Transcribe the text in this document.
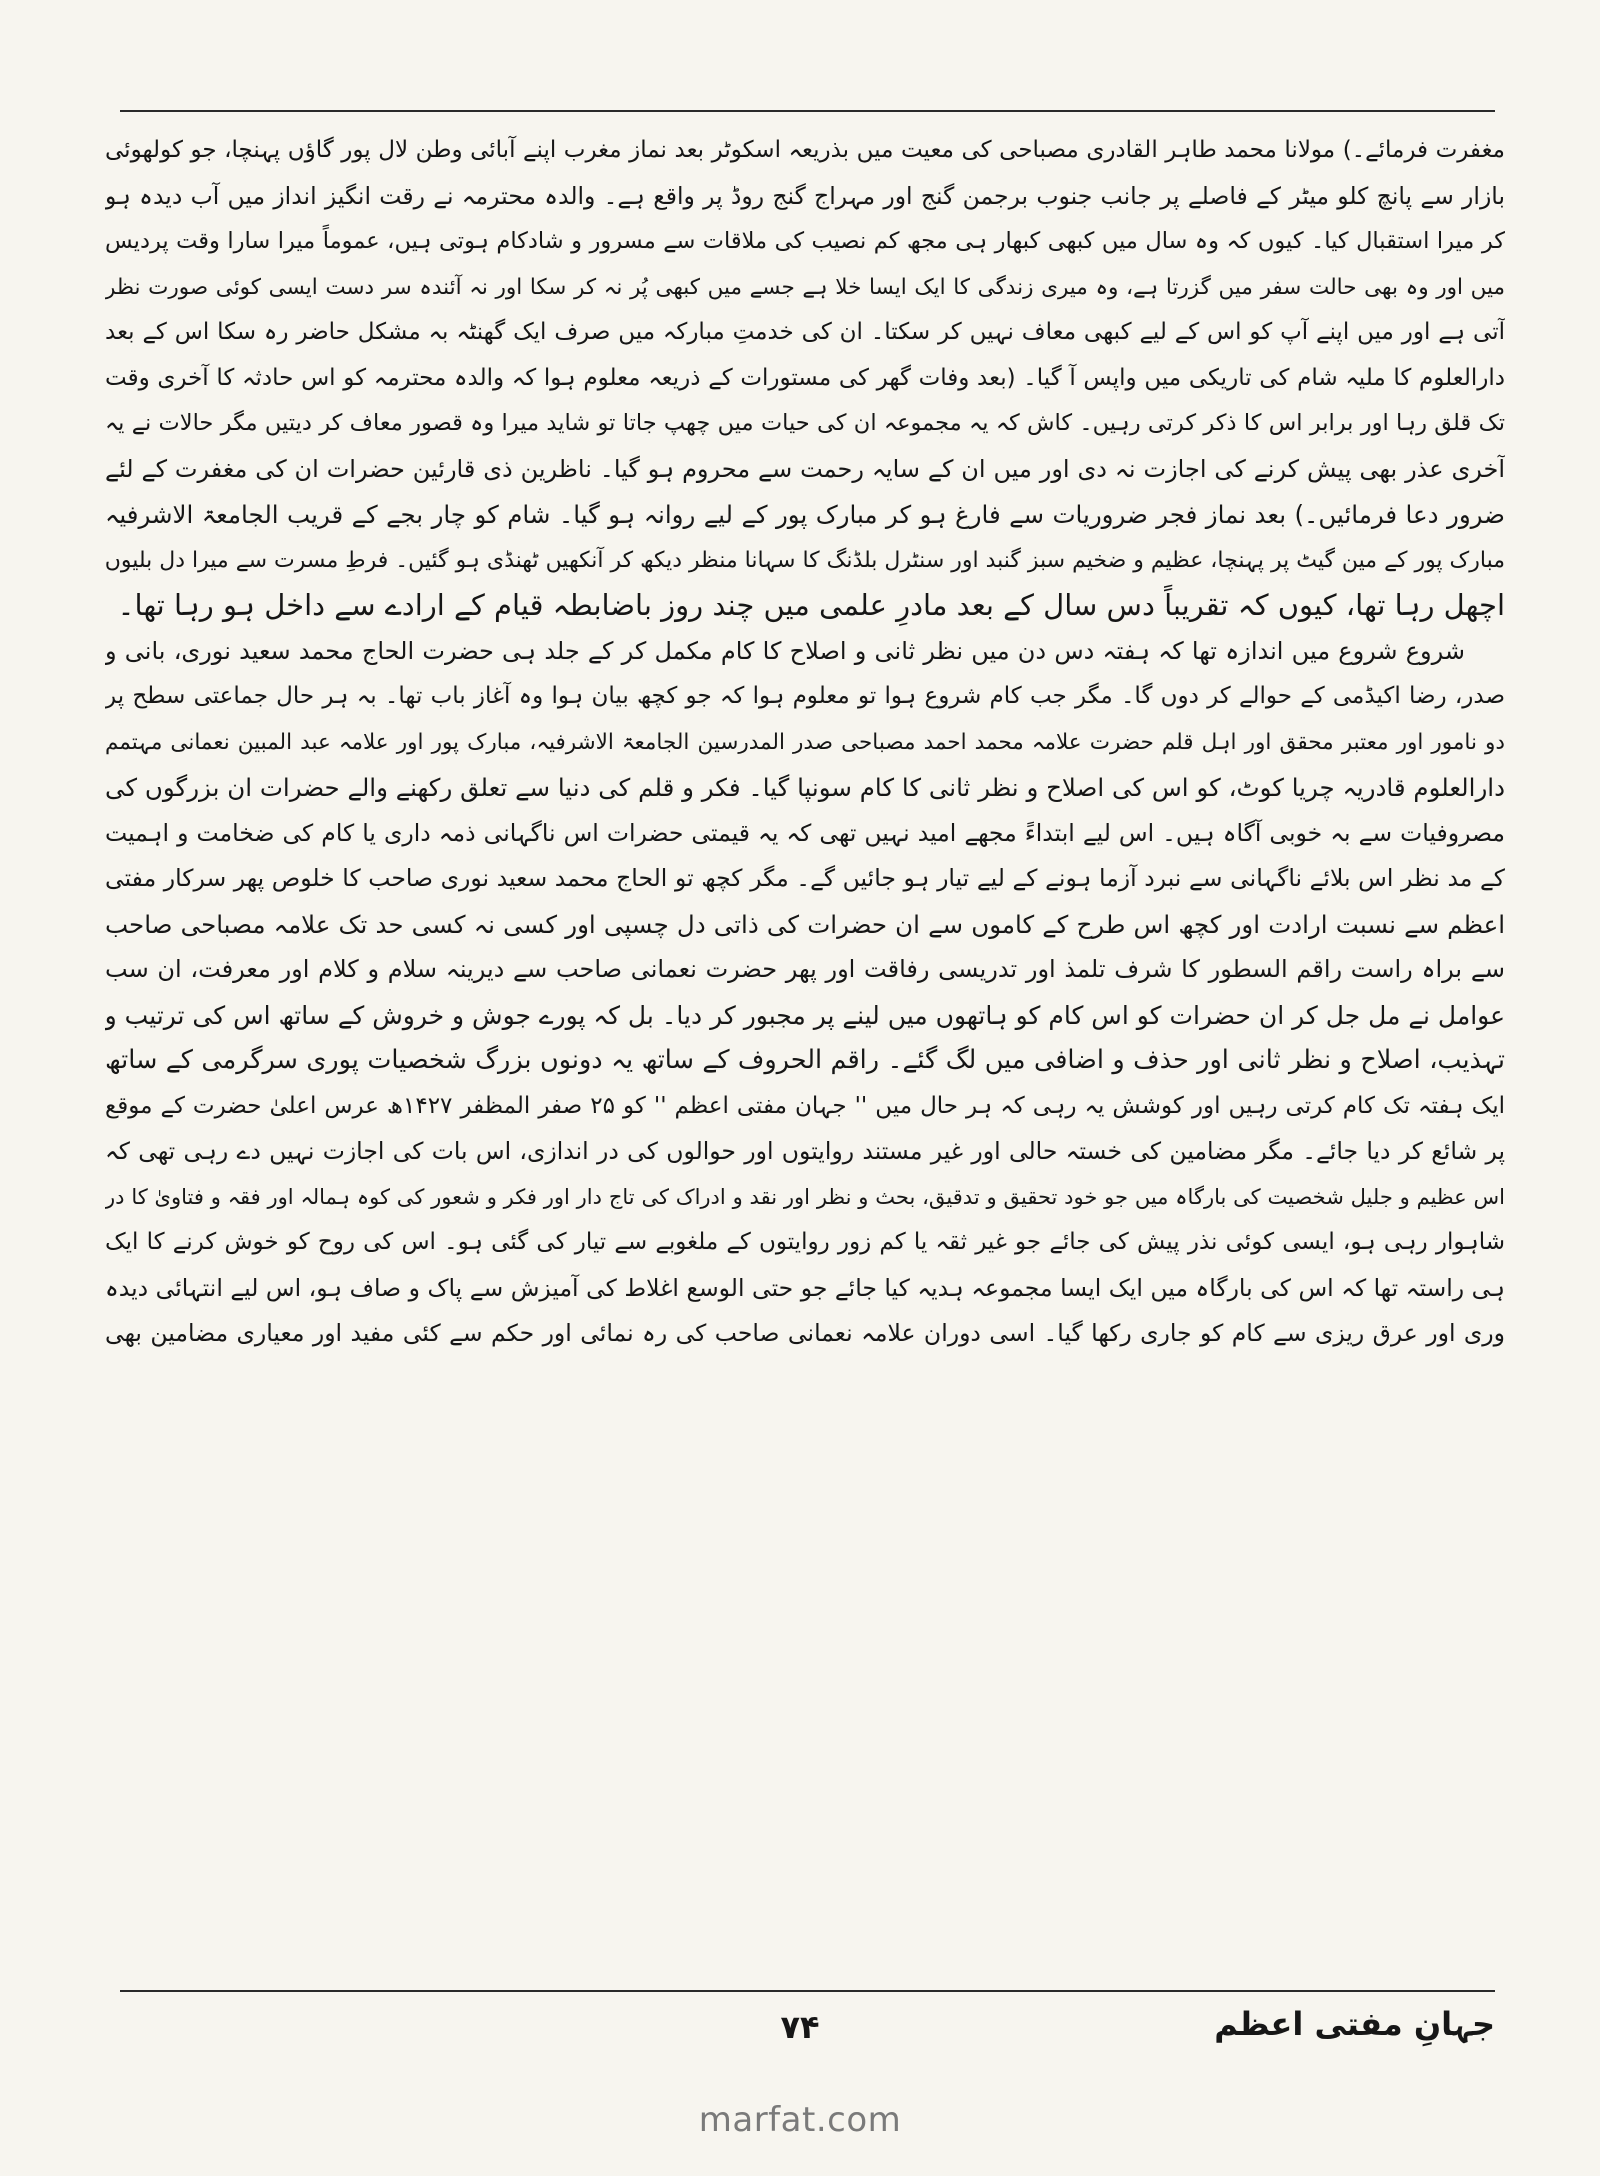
مغفرت فرمائے۔) مولانا محمد طاہر القادری مصباحی کی معیت میں بذریعہ اسکوٹر بعد نماز مغرب اپنے آبائی وطن لال پور گاؤں پہنچا، جو کولھوئی
بازار سے پانچ کلو میٹر کے فاصلے پر جانب جنوب برجمن گنج اور مہراج گنج روڈ پر واقع ہے۔ والدہ محترمہ نے رقت انگیز انداز میں آب دیدہ ہو
کر میرا استقبال کیا۔ کیوں کہ وہ سال میں کبھی کبھار ہی مجھ کم نصیب کی ملاقات سے مسرور و شادکام ہوتی ہیں، عموماً میرا سارا وقت پردیس
میں اور وہ بھی حالت سفر میں گزرتا ہے، وہ میری زندگی کا ایک ایسا خلا ہے جسے میں کبھی پُر نہ کر سکا اور نہ آئندہ سر دست ایسی کوئی صورت نظر
آتی ہے اور میں اپنے آپ کو اس کے لیے کبھی معاف نہیں کر سکتا۔ ان کی خدمتِ مبارکہ میں صرف ایک گھنٹہ بہ مشکل حاضر رہ سکا اس کے بعد
دارالعلوم کا ملیہ شام کی تاریکی میں واپس آ گیا۔ (بعد وفات گھر کی مستورات کے ذریعہ معلوم ہوا کہ والدہ محترمہ کو اس حادثہ کا آخری وقت
تک قلق رہا اور برابر اس کا ذکر کرتی رہیں۔ کاش کہ یہ مجموعہ ان کی حیات میں چھپ جاتا تو شاید میرا وہ قصور معاف کر دیتیں مگر حالات نے یہ
آخری عذر بھی پیش کرنے کی اجازت نہ دی اور میں ان کے سایہ رحمت سے محروم ہو گیا۔ ناظرین ذی قارئین حضرات ان کی مغفرت کے لئے
ضرور دعا فرمائیں۔) بعد نماز فجر ضروریات سے فارغ ہو کر مبارک پور کے لیے روانہ ہو گیا۔ شام کو چار بجے کے قریب الجامعۃ الاشرفیہ
مبارک پور کے مین گیٹ پر پہنچا، عظیم و ضخیم سبز گنبد اور سنٹرل بلڈنگ کا سہانا منظر دیکھ کر آنکھیں ٹھنڈی ہو گئیں۔ فرطِ مسرت سے میرا دل بلیوں
اچھل رہا تھا، کیوں کہ تقریباً دس سال کے بعد مادرِ علمی میں چند روز باضابطہ قیام کے ارادے سے داخل ہو رہا تھا۔
شروع شروع میں اندازہ تھا کہ ہفتہ دس دن میں نظر ثانی و اصلاح کا کام مکمل کر کے جلد ہی حضرت الحاج محمد سعید نوری، بانی و
صدر، رضا اکیڈمی کے حوالے کر دوں گا۔ مگر جب کام شروع ہوا تو معلوم ہوا کہ جو کچھ بیان ہوا وہ آغاز باب تھا۔ بہ ہر حال جماعتی سطح پر
دو نامور اور معتبر محقق اور اہل قلم حضرت علامہ محمد احمد مصباحی صدر المدرسین الجامعۃ الاشرفیہ، مبارک پور اور علامہ عبد المبین نعمانی مہتمم
دارالعلوم قادریہ چریا کوٹ، کو اس کی اصلاح و نظر ثانی کا کام سونپا گیا۔ فکر و قلم کی دنیا سے تعلق رکھنے والے حضرات ان بزرگوں کی
مصروفیات سے بہ خوبی آگاہ ہیں۔ اس لیے ابتداءً مجھے امید نہیں تھی کہ یہ قیمتی حضرات اس ناگہانی ذمہ داری یا کام کی ضخامت و اہمیت
کے مد نظر اس بلائے ناگہانی سے نبرد آزما ہونے کے لیے تیار ہو جائیں گے۔ مگر کچھ تو الحاج محمد سعید نوری صاحب کا خلوص پھر سرکار مفتی
اعظم سے نسبت ارادت اور کچھ اس طرح کے کاموں سے ان حضرات کی ذاتی دل چسپی اور کسی نہ کسی حد تک علامہ مصباحی صاحب
سے براہ راست راقم السطور کا شرف تلمذ اور تدریسی رفاقت اور پھر حضرت نعمانی صاحب سے دیرینہ سلام و کلام اور معرفت، ان سب
عوامل نے مل جل کر ان حضرات کو اس کام کو ہاتھوں میں لینے پر مجبور کر دیا۔ بل کہ پورے جوش و خروش کے ساتھ اس کی ترتیب و
تہذیب، اصلاح و نظر ثانی اور حذف و اضافی میں لگ گئے۔ راقم الحروف کے ساتھ یہ دونوں بزرگ شخصیات پوری سرگرمی کے ساتھ
ایک ہفتہ تک کام کرتی رہیں اور کوشش یہ رہی کہ ہر حال میں '' جہان مفتی اعظم '' کو ۲۵ صفر المظفر ۱۴۲۷ھ عرس اعلیٰ حضرت کے موقع
پر شائع کر دیا جائے۔ مگر مضامین کی خستہ حالی اور غیر مستند روایتوں اور حوالوں کی در اندازی، اس بات کی اجازت نہیں دے رہی تھی کہ
اس عظیم و جلیل شخصیت کی بارگاہ میں جو خود تحقیق و تدقیق، بحث و نظر اور نقد و ادراک کی تاج دار اور فکر و شعور کی کوہ ہمالہ اور فقہ و فتاویٰ کا در
شاہوار رہی ہو، ایسی کوئی نذر پیش کی جائے جو غیر ثقہ یا کم زور روایتوں کے ملغوبے سے تیار کی گئی ہو۔ اس کی روح کو خوش کرنے کا ایک
ہی راستہ تھا کہ اس کی بارگاہ میں ایک ایسا مجموعہ ہدیہ کیا جائے جو حتی الوسع اغلاط کی آمیزش سے پاک و صاف ہو، اس لیے انتہائی دیدہ
وری اور عرق ریزی سے کام کو جاری رکھا گیا۔ اسی دوران علامہ نعمانی صاحب کی رہ نمائی اور حکم سے کئی مفید اور معیاری مضامین بھی
جہانِ مفتی اعظم
۷۴
marfat.com
